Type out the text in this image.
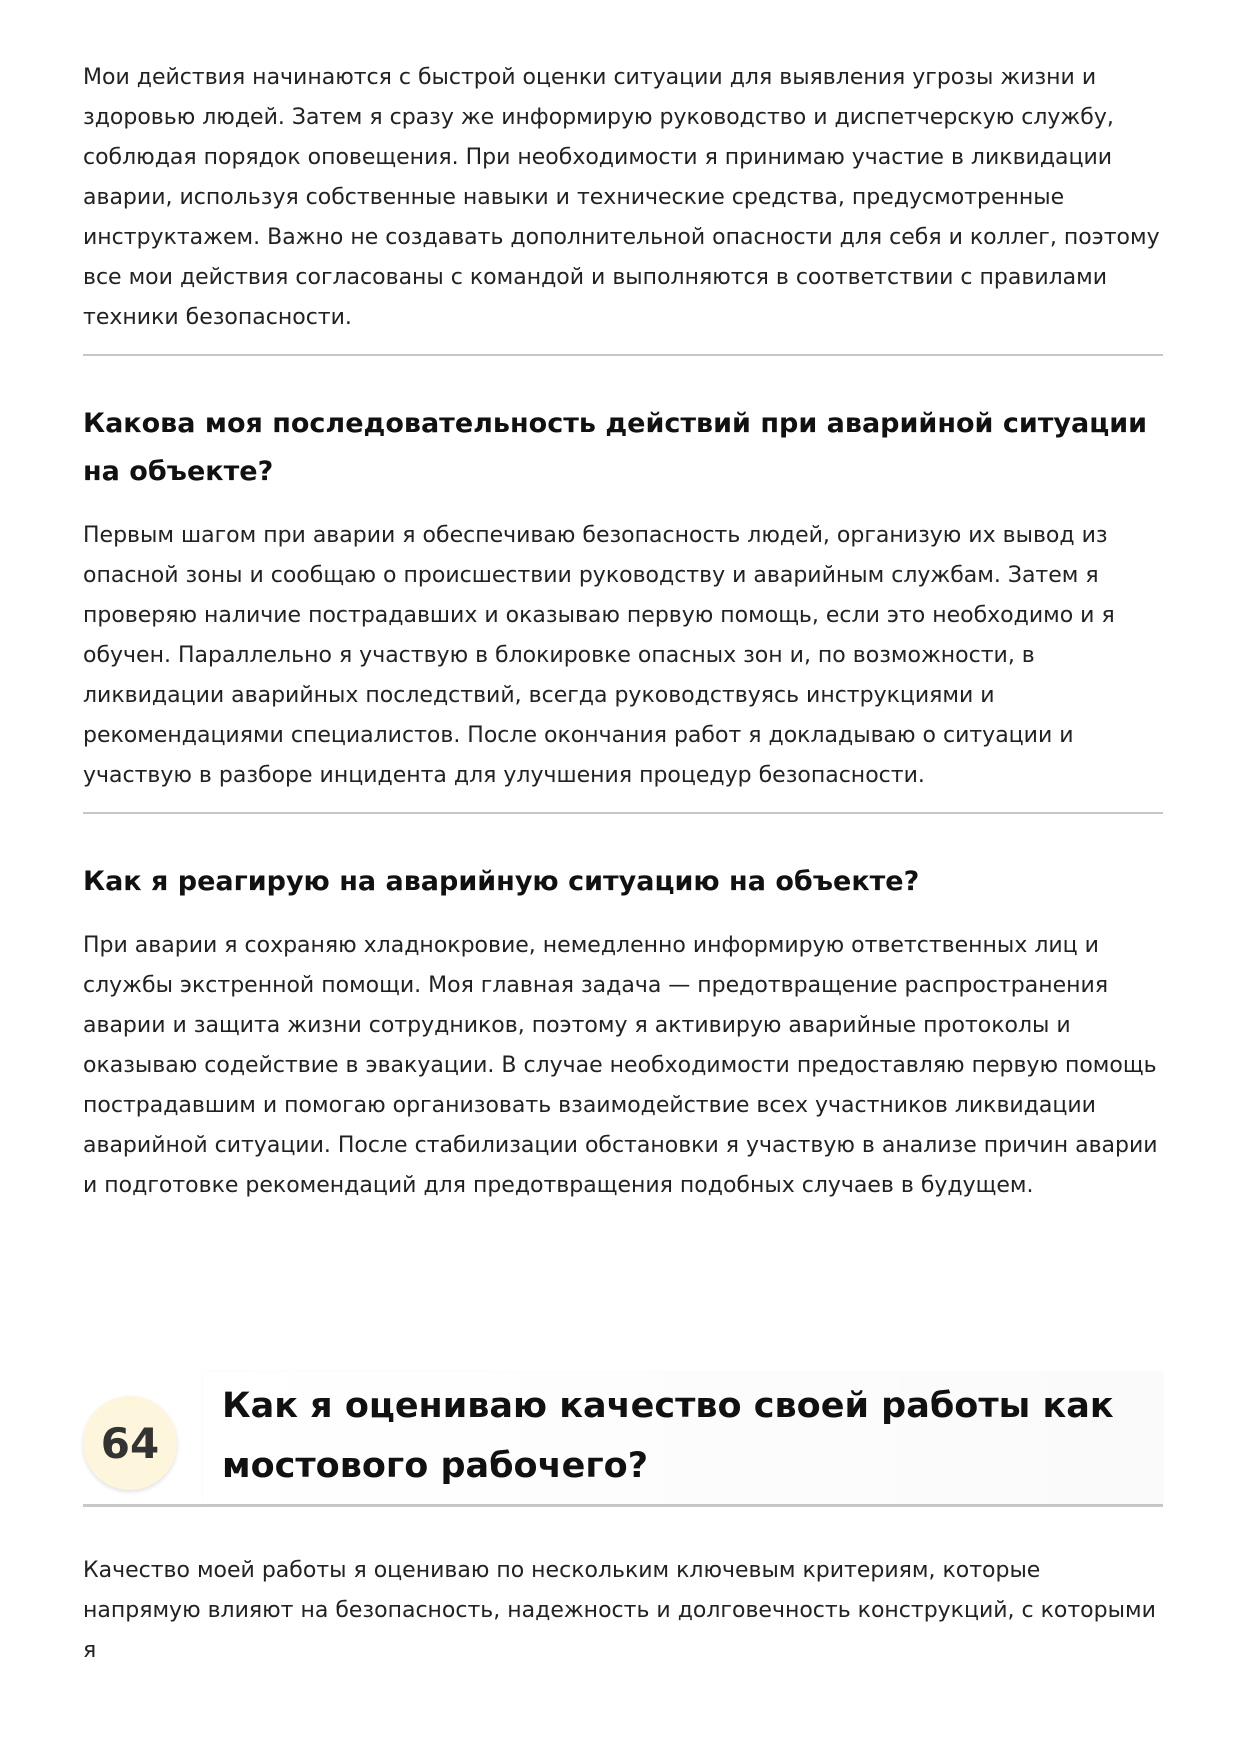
Мои действия начинаются с быстрой оценки ситуации для выявления угрозы жизни и здоровью людей. Затем я сразу же информирую руководство и диспетчерскую службу, соблюдая порядок оповещения. При необходимости я принимаю участие в ликвидации аварии, используя собственные навыки и технические средства, предусмотренные инструктажем. Важно не создавать дополнительной опасности для себя и коллег, поэтому все мои действия согласованы с командой и выполняются в соответствии с правилами техники безопасности.

Какова моя последовательность действий при аварийной ситуации на объекте?

Первым шагом при аварии я обеспечиваю безопасность людей, организую их вывод из опасной зоны и сообщаю о происшествии руководству и аварийным службам. Затем я проверяю наличие пострадавших и оказываю первую помощь, если это необходимо и я обучен. Параллельно я участвую в блокировке опасных зон и, по возможности, в ликвидации аварийных последствий, всегда руководствуясь инструкциями и рекомендациями специалистов. После окончания работ я докладываю о ситуации и участвую в разборе инцидента для улучшения процедур безопасности.

Как я реагирую на аварийную ситуацию на объекте?

При аварии я сохраняю хладнокровие, немедленно информирую ответственных лиц и службы экстренной помощи. Моя главная задача — предотвращение распространения аварии и защита жизни сотрудников, поэтому я активирую аварийные протоколы и оказываю содействие в эвакуации. В случае необходимости предоставляю первую помощь пострадавшим и помогаю организовать взаимодействие всех участников ликвидации аварийной ситуации. После стабилизации обстановки я участвую в анализе причин аварии и подготовке рекомендаций для предотвращения подобных случаев в будущем.

64
Как я оцениваю качество своей работы как мостового рабочего?

Качество моей работы я оцениваю по нескольким ключевым критериям, которые напрямую влияют на безопасность, надежность и долговечность конструкций, с которыми я
